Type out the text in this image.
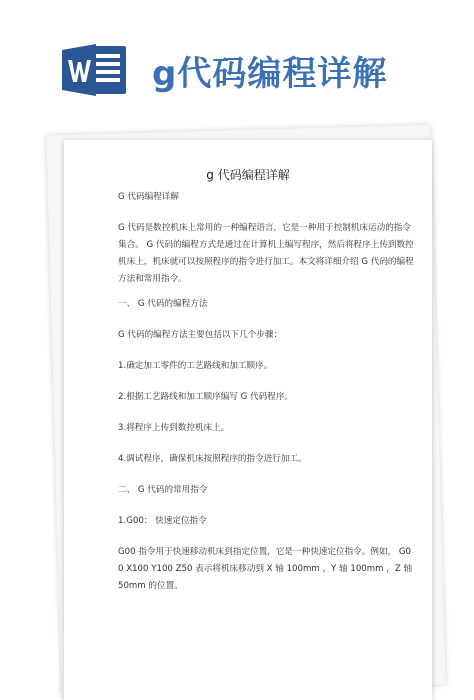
g代码编程详解
g 代码编程详解

G 代码编程详解

G 代码是数控机床上常用的一种编程语言，它是一种用于控制机床运动的指令集合。 G 代码的编程方式是通过在计算机上编写程序，然后将程序上传到数控机床上，机床就可以按照程序的指令进行加工。本文将详细介绍 G 代码的编程方法和常用指令。

一、 G 代码的编程方法

G 代码的编程方法主要包括以下几个步骤：

1.确定加工零件的工艺路线和加工顺序。

2.根据工艺路线和加工顺序编写 G 代码程序。

3.将程序上传到数控机床上。

4.调试程序，确保机床按照程序的指令进行加工。

二、 G 代码的常用指令

1.G00： 快速定位指令

G00 指令用于快速移动机床到指定位置，它是一种快速定位指令。例如， G00 X100 Y100 Z50 表示将机床移动到 X 轴 100mm ，Y 轴 100mm ，Z 轴 50mm 的位置。
